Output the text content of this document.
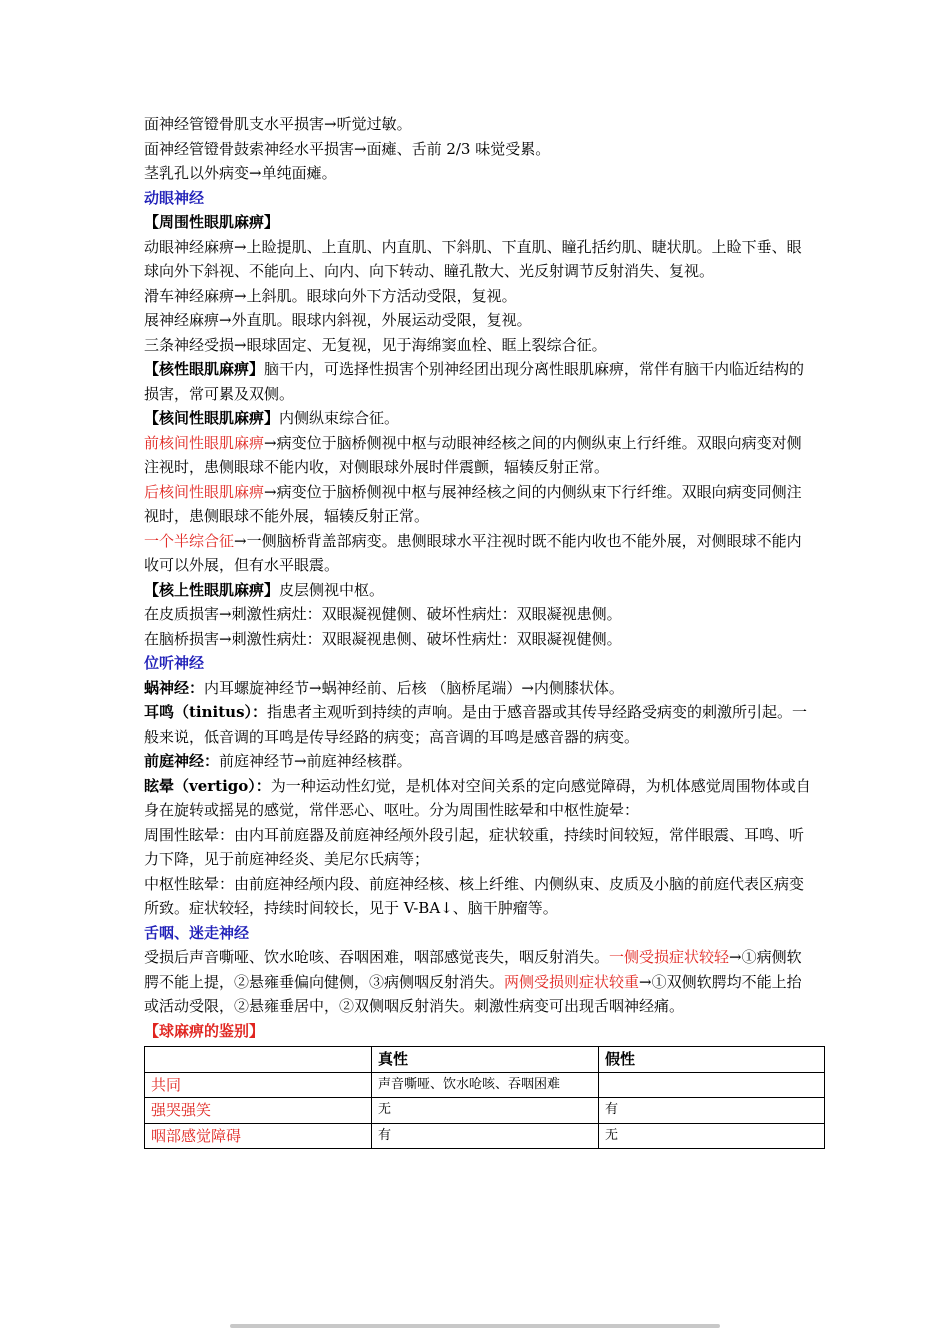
面神经管镫骨肌支水平损害→听觉过敏。

面神经管镫骨鼓索神经水平损害→面瘫、舌前 2/3 味觉受累。

茎乳孔以外病变→单纯面瘫。

动眼神经

【周围性眼肌麻痹】

动眼神经麻痹→上睑提肌、上直肌、内直肌、下斜肌、下直肌、瞳孔括约肌、睫状肌。上睑下垂、眼球向外下斜视、不能向上、向内、向下转动、瞳孔散大、光反射调节反射消失、复视。

滑车神经麻痹→上斜肌。眼球向外下方活动受限，复视。

展神经麻痹→外直肌。眼球内斜视，外展运动受限，复视。

三条神经受损→眼球固定、无复视，见于海绵窦血栓、眶上裂综合征。

【核性眼肌麻痹】脑干内，可选择性损害个别神经团出现分离性眼肌麻痹，常伴有脑干内临近结构的损害，常可累及双侧。

【核间性眼肌麻痹】内侧纵束综合征。

前核间性眼肌麻痹→病变位于脑桥侧视中枢与动眼神经核之间的内侧纵束上行纤维。双眼向病变对侧注视时，患侧眼球不能内收，对侧眼球外展时伴震颤，辐辏反射正常。

后核间性眼肌麻痹→病变位于脑桥侧视中枢与展神经核之间的内侧纵束下行纤维。双眼向病变同侧注视时，患侧眼球不能外展，辐辏反射正常。

一个半综合征→一侧脑桥背盖部病变。患侧眼球水平注视时既不能内收也不能外展，对侧眼球不能内收可以外展，但有水平眼震。

【核上性眼肌麻痹】皮层侧视中枢。

在皮质损害→刺激性病灶：双眼凝视健侧、破坏性病灶：双眼凝视患侧。

在脑桥损害→刺激性病灶：双眼凝视患侧、破坏性病灶：双眼凝视健侧。

位听神经

蜗神经：内耳螺旋神经节→蜗神经前、后核 （脑桥尾端）→内侧膝状体。

耳鸣（tinitus）：指患者主观听到持续的声响。是由于感音器或其传导经路受病变的刺激所引起。一般来说，低音调的耳鸣是传导经路的病变；高音调的耳鸣是感音器的病变。

前庭神经：前庭神经节→前庭神经核群。

眩晕（vertigo）：为一种运动性幻觉，是机体对空间关系的定向感觉障碍，为机体感觉周围物体或自身在旋转或摇晃的感觉，常伴恶心、呕吐。分为周围性眩晕和中枢性旋晕：

周围性眩晕：由内耳前庭器及前庭神经颅外段引起，症状较重，持续时间较短，常伴眼震、耳鸣、听力下降，见于前庭神经炎、美尼尔氏病等；

中枢性眩晕：由前庭神经颅内段、前庭神经核、核上纤维、内侧纵束、皮质及小脑的前庭代表区病变所致。症状较轻，持续时间较长，见于 V-BA↓、脑干肿瘤等。

舌咽、迷走神经

受损后声音嘶哑、饮水呛咳、吞咽困难，咽部感觉丧失，咽反射消失。一侧受损症状较轻→①病侧软腭不能上提，②悬雍垂偏向健侧，③病侧咽反射消失。两侧受损则症状较重→①双侧软腭均不能上抬或活动受限，②悬雍垂居中，②双侧咽反射消失。刺激性病变可出现舌咽神经痛。

【球麻痹的鉴别】

	真性	假性
共同	声音嘶哑、饮水呛咳、吞咽困难	
强哭强笑	无	有
咽部感觉障碍	有	无
